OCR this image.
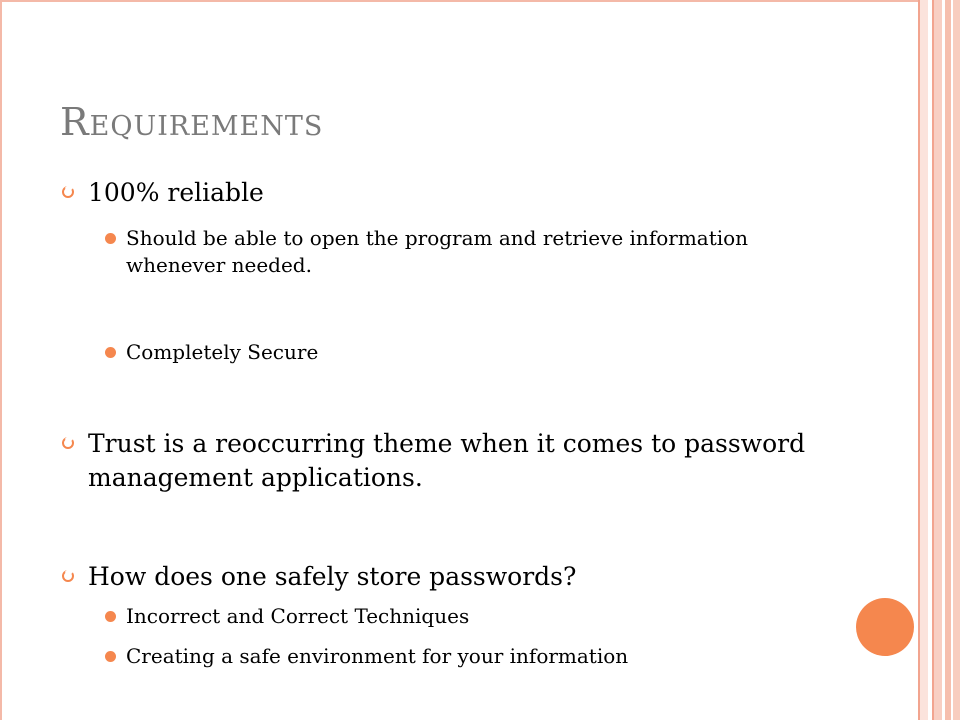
Requirements
100% reliable
Should be able to open the program and retrieve information whenever needed.
Completely Secure
Trust is a reoccurring theme when it comes to password management applications.
How does one safely store passwords?
Incorrect and Correct Techniques
Creating a safe environment for your information
